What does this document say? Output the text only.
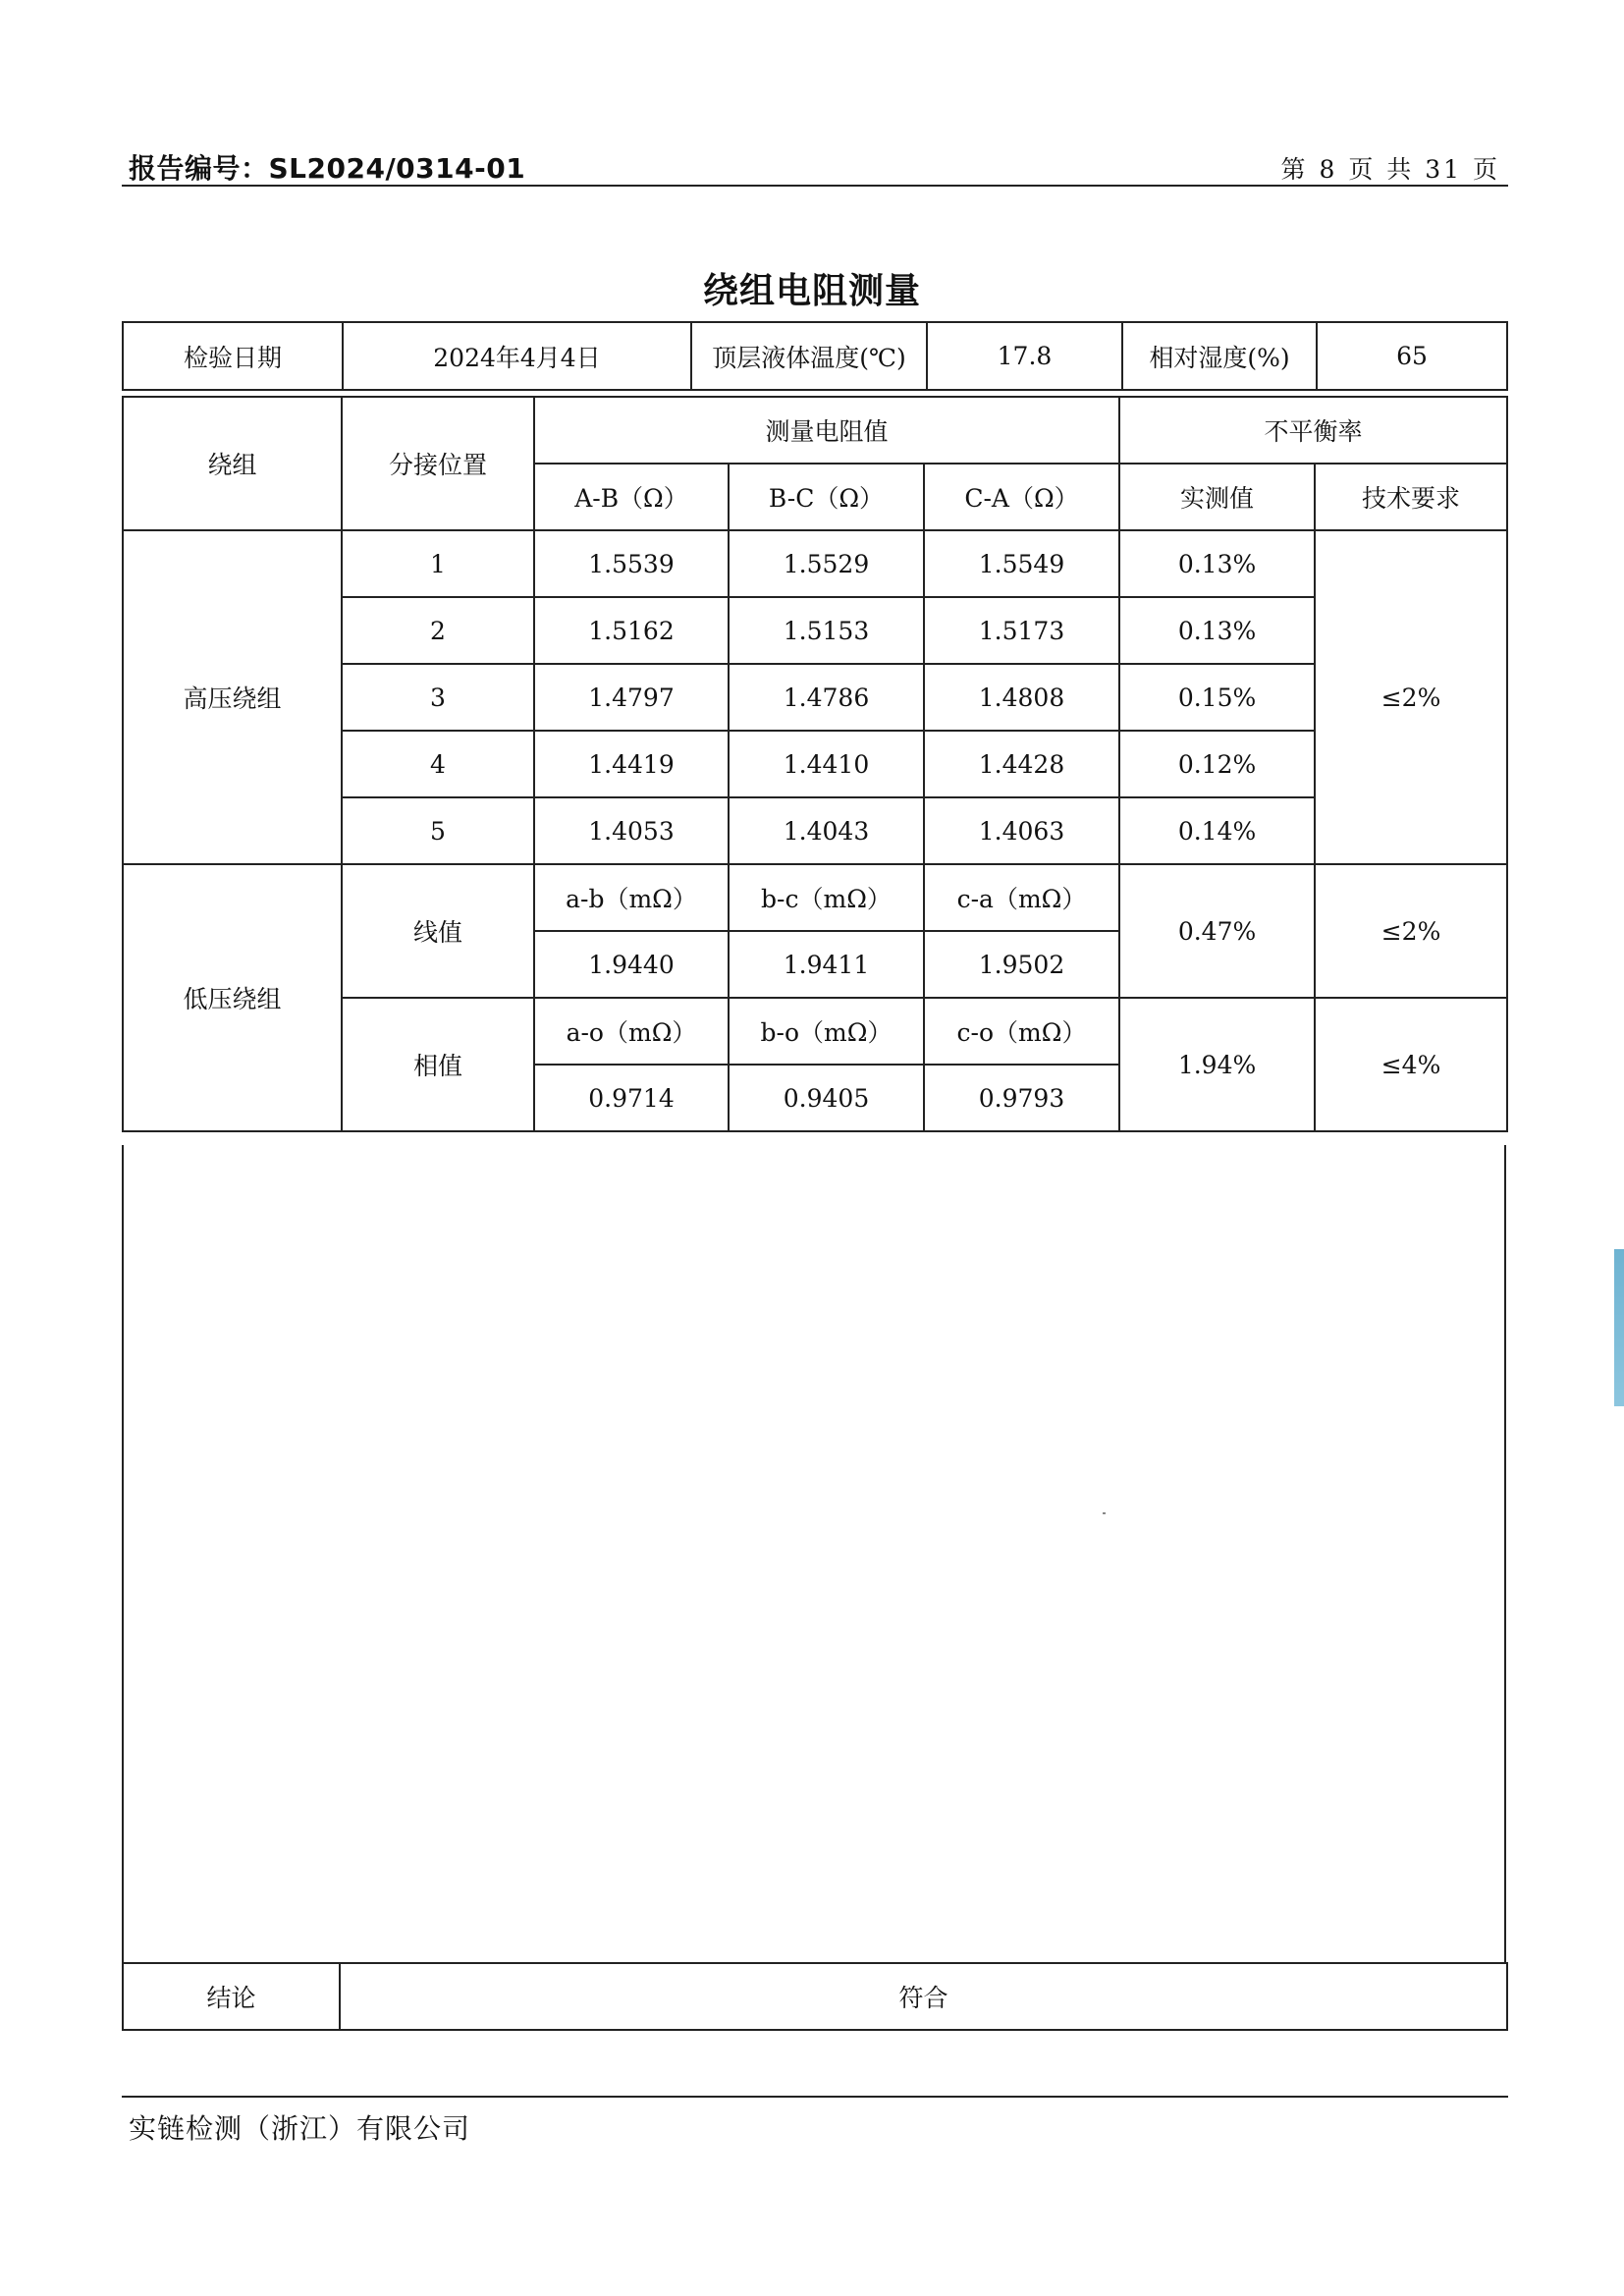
报告编号：SL2024/0314-01	第 8 页 共 31 页
绕组电阻测量
检验日期	2024年4月4日	顶层液体温度(℃)	17.8	相对湿度(%)	65
绕组	分接位置	测量电阻值			不平衡率	
		A-B（Ω）	B-C（Ω）	C-A（Ω）	实测值	技术要求
高压绕组	1	1.5539	1.5529	1.5549	0.13%	≤2%
	2	1.5162	1.5153	1.5173	0.13%	
	3	1.4797	1.4786	1.4808	0.15%	
	4	1.4419	1.4410	1.4428	0.12%	
	5	1.4053	1.4043	1.4063	0.14%	
低压绕组	线值	a-b（mΩ）	b-c（mΩ）	c-a（mΩ）	0.47%	≤2%
		1.9440	1.9411	1.9502		
	相值	a-o（mΩ）	b-o（mΩ）	c-o（mΩ）	1.94%	≤4%
		0.9714	0.9405	0.9793		
结论	符合
实链检测（浙江）有限公司
